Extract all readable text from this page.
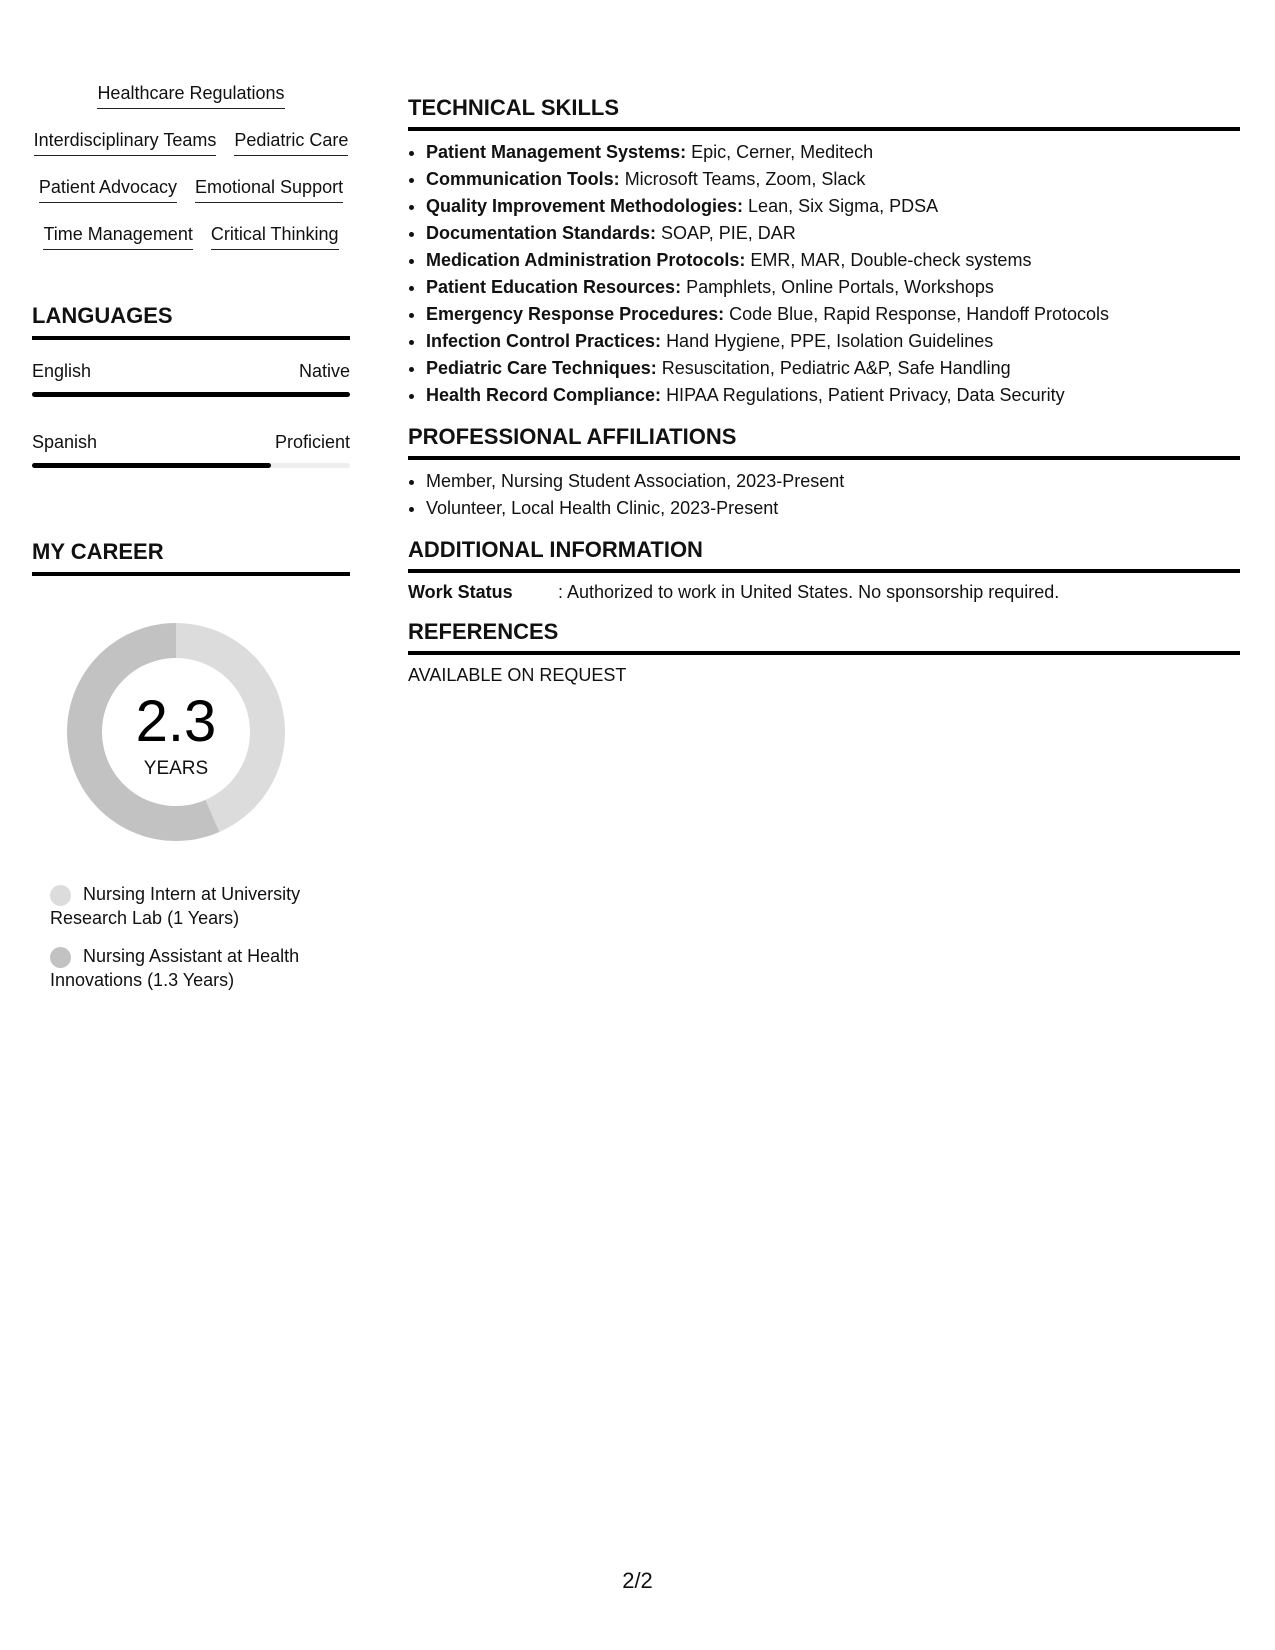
Healthcare Regulations
Interdisciplinary Teams Pediatric Care
Patient Advocacy Emotional Support
Time Management Critical Thinking
LANGUAGES
English	Native
Spanish	Proficient
MY CAREER
2.3
YEARS
Nursing Intern at University Research Lab (1 Years)
Nursing Assistant at Health Innovations (1.3 Years)
TECHNICAL SKILLS
• Patient Management Systems: Epic, Cerner, Meditech
• Communication Tools: Microsoft Teams, Zoom, Slack
• Quality Improvement Methodologies: Lean, Six Sigma, PDSA
• Documentation Standards: SOAP, PIE, DAR
• Medication Administration Protocols: EMR, MAR, Double-check systems
• Patient Education Resources: Pamphlets, Online Portals, Workshops
• Emergency Response Procedures: Code Blue, Rapid Response, Handoff Protocols
• Infection Control Practices: Hand Hygiene, PPE, Isolation Guidelines
• Pediatric Care Techniques: Resuscitation, Pediatric A&P, Safe Handling
• Health Record Compliance: HIPAA Regulations, Patient Privacy, Data Security
PROFESSIONAL AFFILIATIONS
• Member, Nursing Student Association, 2023-Present
• Volunteer, Local Health Clinic, 2023-Present
ADDITIONAL INFORMATION
Work Status	: Authorized to work in United States. No sponsorship required.
REFERENCES
AVAILABLE ON REQUEST
2/2
